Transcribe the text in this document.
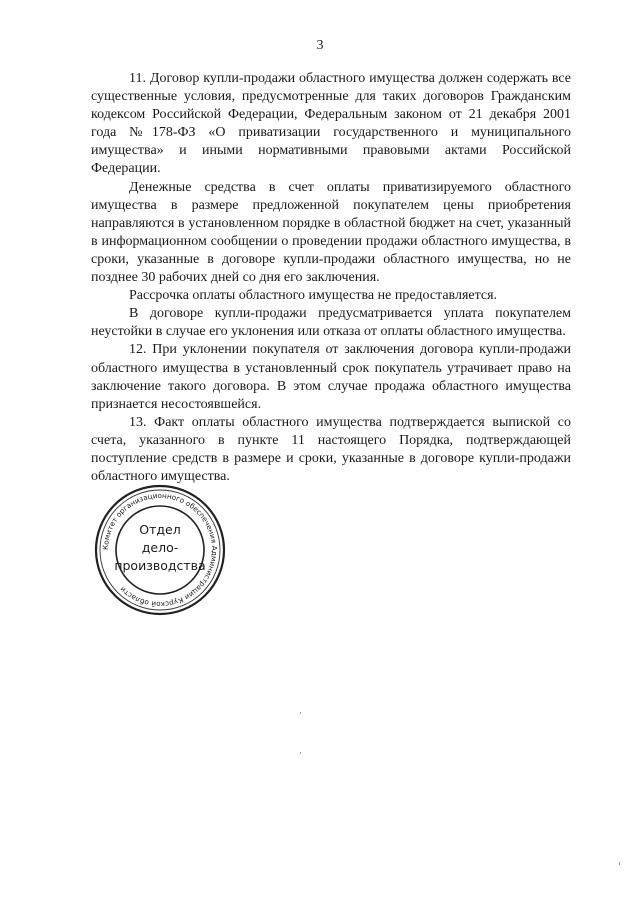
3

11. Договор купли-продажи областного имущества должен содержать все существенные условия, предусмотренные для таких договоров Гражданским кодексом Российской Федерации, Федеральным законом от 21 декабря 2001 года №178-ФЗ «О приватизации государственного и муниципального имущества» и иными нормативными правовыми актами Российской Федерации.

Денежные средства в счет оплаты приватизируемого областного имущества в размере предложенной покупателем цены приобретения направляются в установленном порядке в областной бюджет на счет, указанный в информационном сообщении о проведении продажи областного имущества, в сроки, указанные в договоре купли-продажи областного имущества, но не позднее 30 рабочих дней со дня его заключения.

Рассрочка оплаты областного имущества не предоставляется.

В договоре купли-продажи предусматривается уплата покупателем неустойки в случае его уклонения или отказа от оплаты областного имущества.

12. При уклонении покупателя от заключения договора купли-продажи областного имущества в установленный срок покупатель утрачивает право на заключение такого договора. В этом случае продажа областного имущества признается несостоявшейся.

13. Факт оплаты областного имущества подтверждается выпиской со счета, указанного в пункте 11 настоящего Порядка, подтверждающей поступление средств в размере и сроки, указанные в договоре купли-продажи областного имущества.

Комитет организационного обеспечения Администрации Курской области
Отдел
дело-
производства
